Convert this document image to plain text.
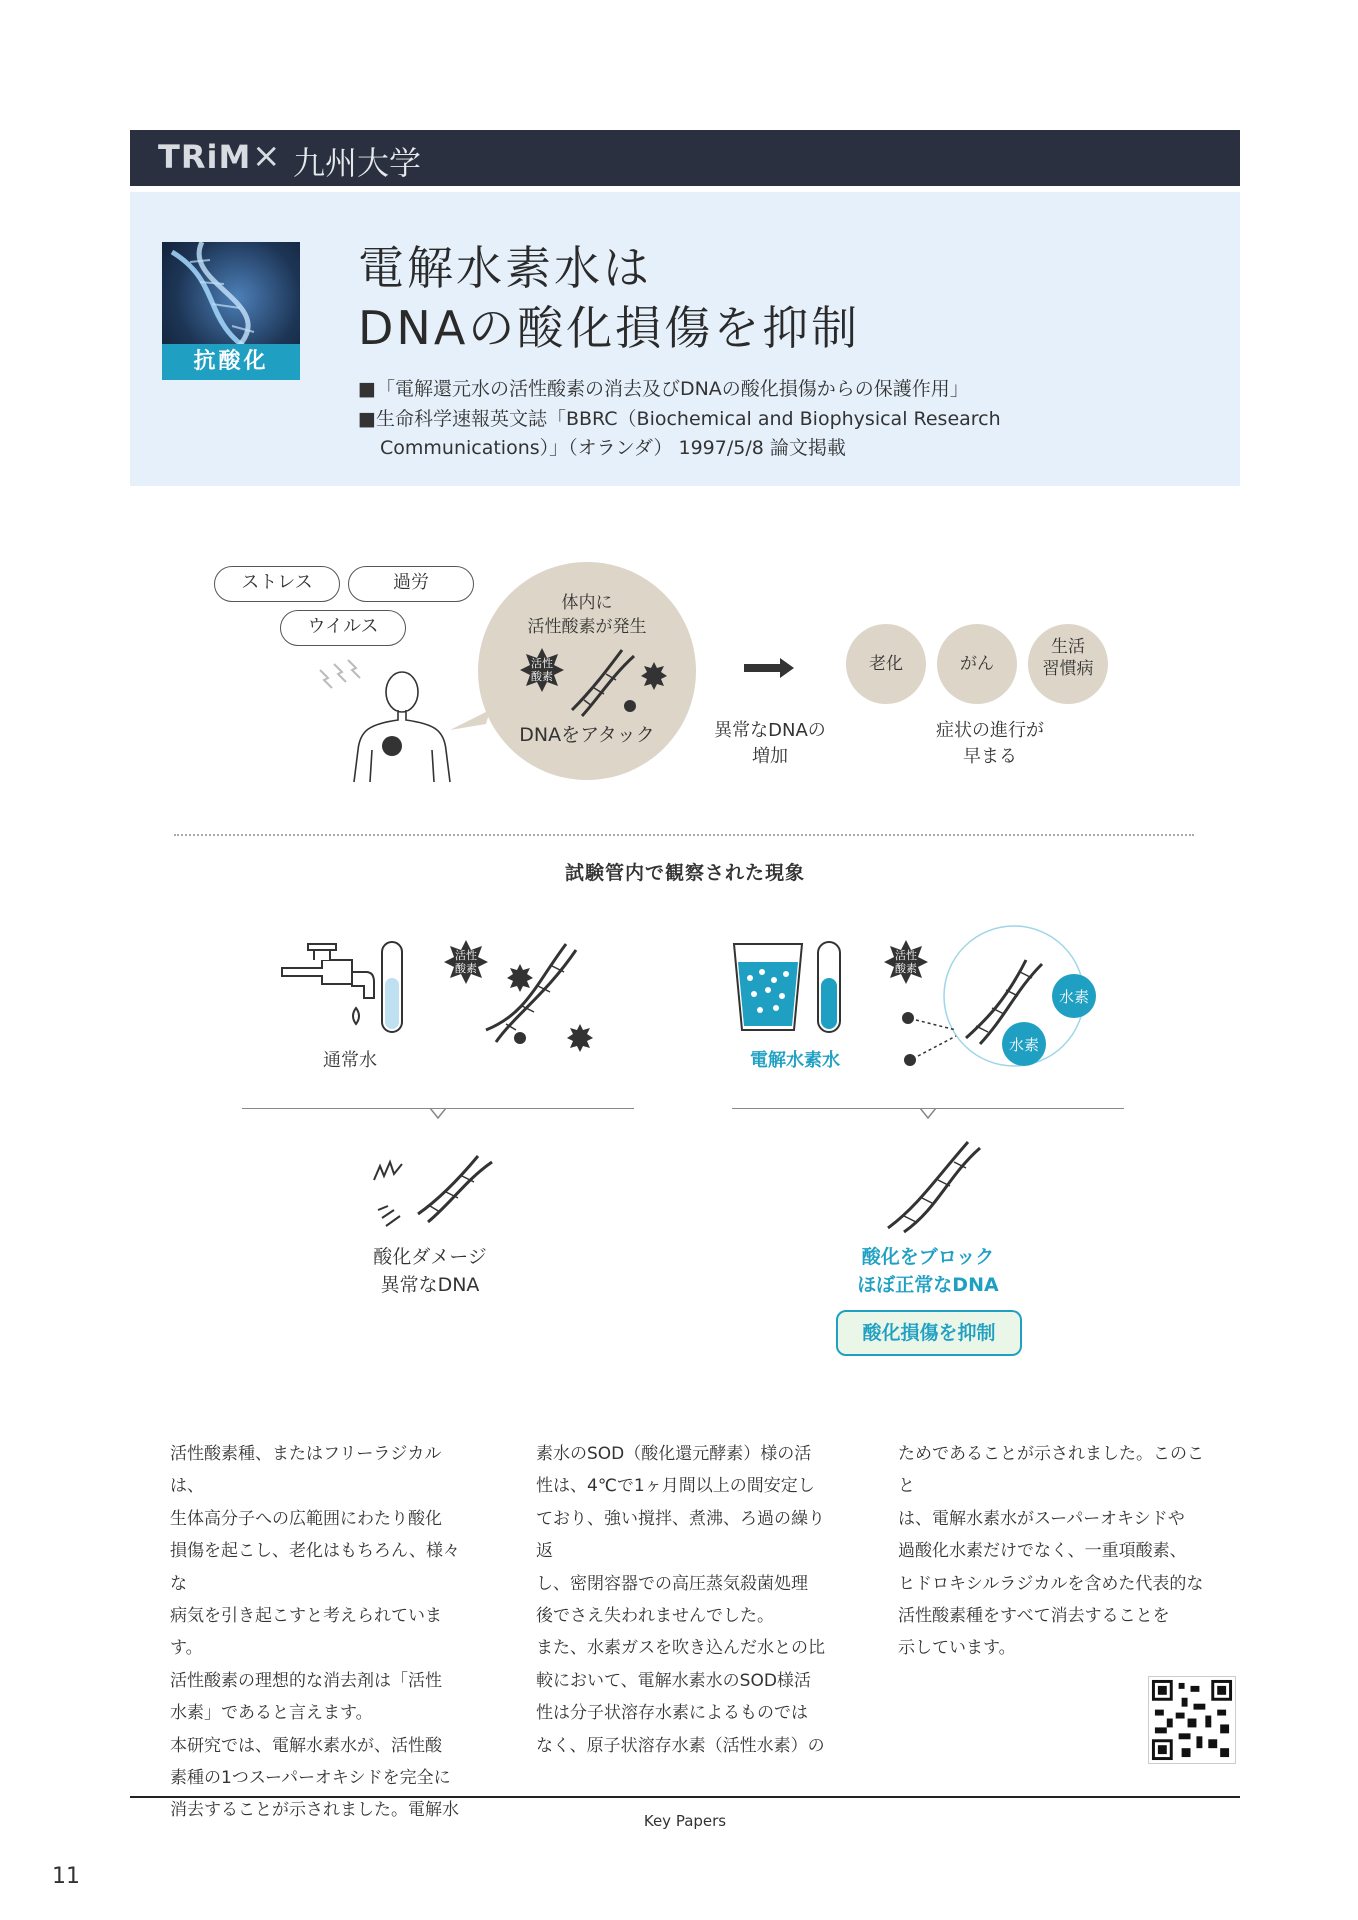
TRiM × 九州大学
抗酸化
電解水素水は
DNAの酸化損傷を抑制
■「電解還元水の活性酸素の消去及びDNAの酸化損傷からの保護作用」
■生命科学速報英文誌「BBRC（Biochemical and Biophysical Research
Communications）」（オランダ） 1997/5/8 論文掲載
ストレス	過労
ウイルス
体内に
活性酸素が発生
活性
酸素
DNAをアタック	異常なDNAの
増加
老化	がん
生活
習慣病
症状の進行が
早まる
試験管内で観察された現象
通常水
活性
酸素
電解水素水
活性
酸素
水素
水素
酸化ダメージ
異常なDNA
酸化をブロック
ほぼ正常なDNA
酸化損傷を抑制
活性酸素種、またはフリーラジカルは、
生体高分子への広範囲にわたり酸化
損傷を起こし、老化はもちろん、様々な
病気を引き起こすと考えられています。
活性酸素の理想的な消去剤は「活性
水素」であると言えます。
本研究では、電解水素水が、活性酸
素種の1つスーパーオキシドを完全に
消去することが示されました。電解水
素水のSOD（酸化還元酵素）様の活
性は、4℃で1ヶ月間以上の間安定し
ており、強い撹拌、煮沸、ろ過の繰り返
し、密閉容器での高圧蒸気殺菌処理
後でさえ失われませんでした。
また、水素ガスを吹き込んだ水との比
較において、電解水素水のSOD様活
性は分子状溶存水素によるものでは
なく、原子状溶存水素（活性水素）の
ためであることが示されました。このこと
は、電解水素水がスーパーオキシドや
過酸化水素だけでなく、一重項酸素、
ヒドロキシルラジカルを含めた代表的な
活性酸素種をすべて消去することを
示しています。
Key Papers
11
